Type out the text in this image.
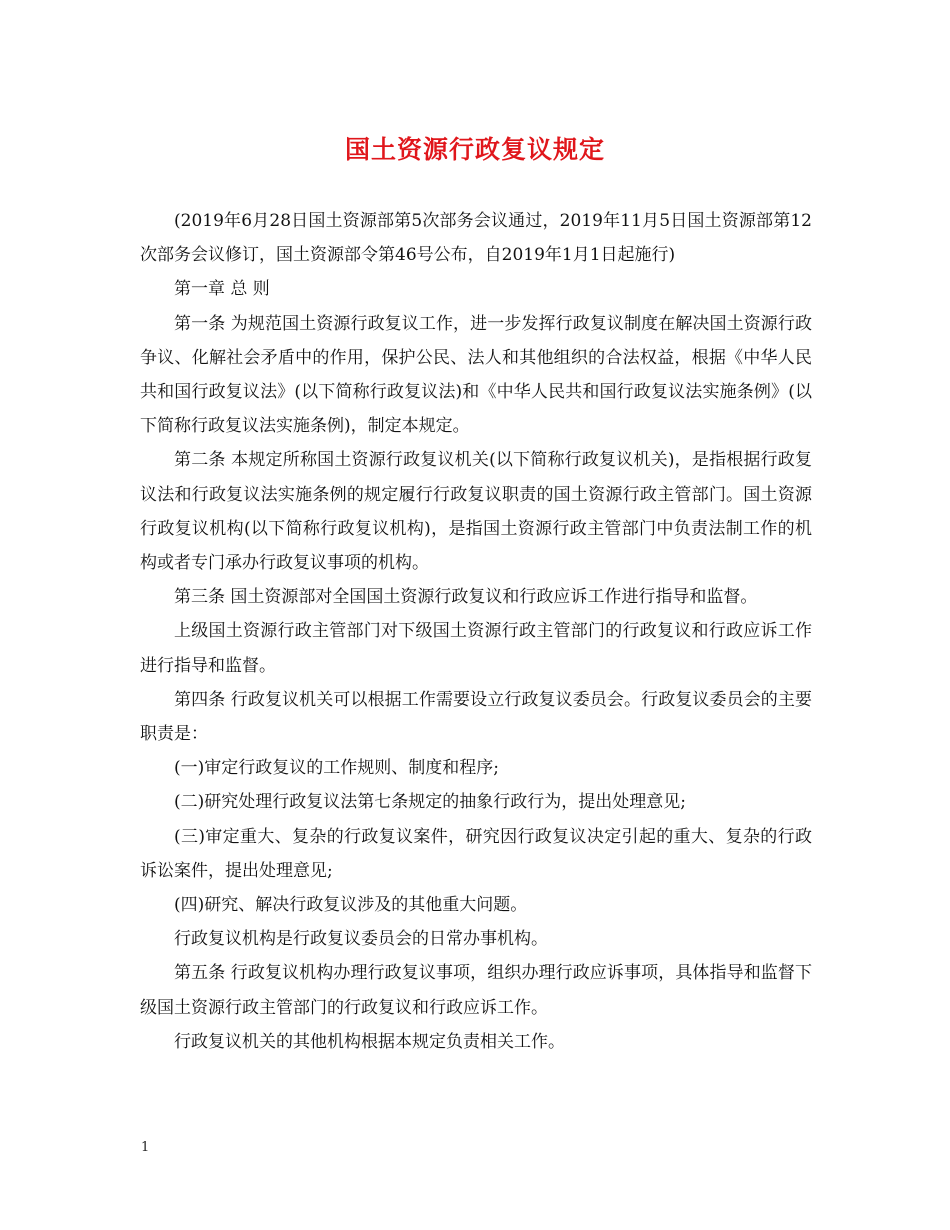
国土资源行政复议规定

(2019年6月28日国土资源部第5次部务会议通过，2019年11月5日国土资源部第12次部务会议修订，国土资源部令第46号公布，自2019年1月1日起施行)

第一章 总 则

第一条 为规范国土资源行政复议工作，进一步发挥行政复议制度在解决国土资源行政争议、化解社会矛盾中的作用，保护公民、法人和其他组织的合法权益，根据《中华人民共和国行政复议法》(以下简称行政复议法)和《中华人民共和国行政复议法实施条例》(以下简称行政复议法实施条例)，制定本规定。

第二条 本规定所称国土资源行政复议机关(以下简称行政复议机关)，是指根据行政复议法和行政复议法实施条例的规定履行行政复议职责的国土资源行政主管部门。国土资源行政复议机构(以下简称行政复议机构)，是指国土资源行政主管部门中负责法制工作的机构或者专门承办行政复议事项的机构。

第三条 国土资源部对全国国土资源行政复议和行政应诉工作进行指导和监督。

上级国土资源行政主管部门对下级国土资源行政主管部门的行政复议和行政应诉工作进行指导和监督。

第四条 行政复议机关可以根据工作需要设立行政复议委员会。行政复议委员会的主要职责是：

(一)审定行政复议的工作规则、制度和程序;

(二)研究处理行政复议法第七条规定的抽象行政行为，提出处理意见;

(三)审定重大、复杂的行政复议案件，研究因行政复议决定引起的重大、复杂的行政诉讼案件，提出处理意见;

(四)研究、解决行政复议涉及的其他重大问题。

行政复议机构是行政复议委员会的日常办事机构。

第五条 行政复议机构办理行政复议事项，组织办理行政应诉事项，具体指导和监督下级国土资源行政主管部门的行政复议和行政应诉工作。

行政复议机关的其他机构根据本规定负责相关工作。

1
